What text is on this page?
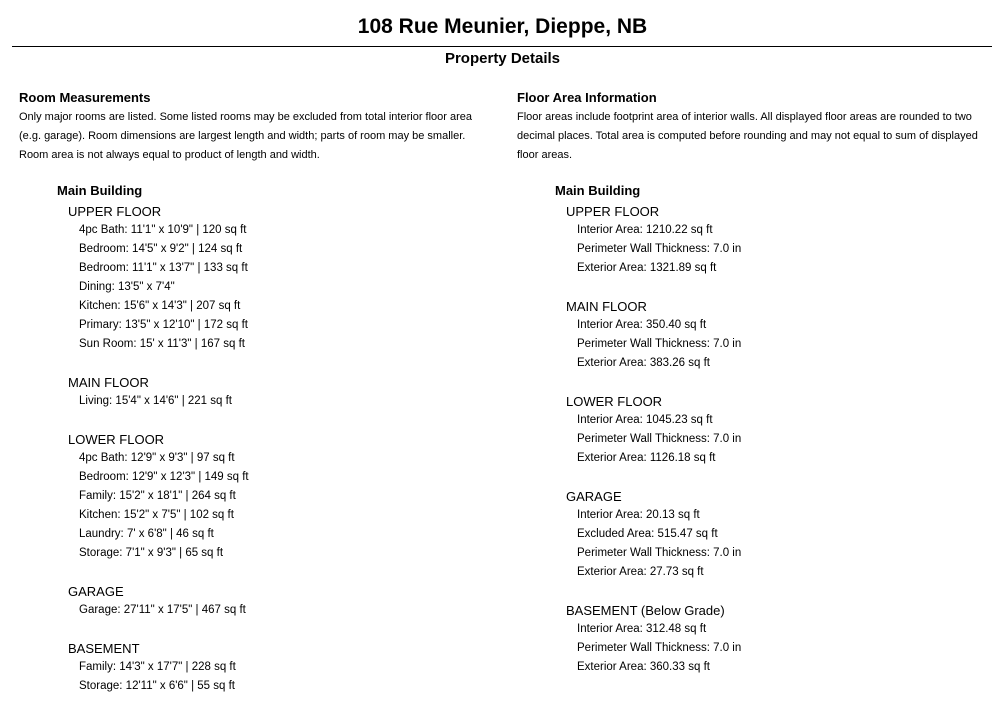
108 Rue Meunier, Dieppe, NB
Property Details
Room Measurements
Only major rooms are listed. Some listed rooms may be excluded from total interior floor area (e.g. garage). Room dimensions are largest length and width; parts of room may be smaller. Room area is not always equal to product of length and width.
Floor Area Information
Floor areas include footprint area of interior walls. All displayed floor areas are rounded to two decimal places. Total area is computed before rounding and may not equal to sum of displayed floor areas.
Main Building
UPPER FLOOR
4pc Bath: 11'1" x 10'9" | 120 sq ft
Bedroom: 14'5" x 9'2" | 124 sq ft
Bedroom: 11'1" x 13'7" | 133 sq ft
Dining: 13'5" x 7'4"
Kitchen: 15'6" x 14'3" | 207 sq ft
Primary: 13'5" x 12'10" | 172 sq ft
Sun Room: 15' x 11'3" | 167 sq ft
MAIN FLOOR
Living: 15'4" x 14'6" | 221 sq ft
LOWER FLOOR
4pc Bath: 12'9" x 9'3" | 97 sq ft
Bedroom: 12'9" x 12'3" | 149 sq ft
Family: 15'2" x 18'1" | 264 sq ft
Kitchen: 15'2" x 7'5" | 102 sq ft
Laundry: 7' x 6'8" | 46 sq ft
Storage: 7'1" x 9'3" | 65 sq ft
GARAGE
Garage: 27'11" x 17'5" | 467 sq ft
BASEMENT
Family: 14'3" x 17'7" | 228 sq ft
Storage: 12'11" x 6'6" | 55 sq ft
Main Building
UPPER FLOOR
Interior Area: 1210.22 sq ft
Perimeter Wall Thickness: 7.0 in
Exterior Area: 1321.89 sq ft
MAIN FLOOR
Interior Area: 350.40 sq ft
Perimeter Wall Thickness: 7.0 in
Exterior Area: 383.26 sq ft
LOWER FLOOR
Interior Area: 1045.23 sq ft
Perimeter Wall Thickness: 7.0 in
Exterior Area: 1126.18 sq ft
GARAGE
Interior Area: 20.13 sq ft
Excluded Area: 515.47 sq ft
Perimeter Wall Thickness: 7.0 in
Exterior Area: 27.73 sq ft
BASEMENT (Below Grade)
Interior Area: 312.48 sq ft
Perimeter Wall Thickness: 7.0 in
Exterior Area: 360.33 sq ft
